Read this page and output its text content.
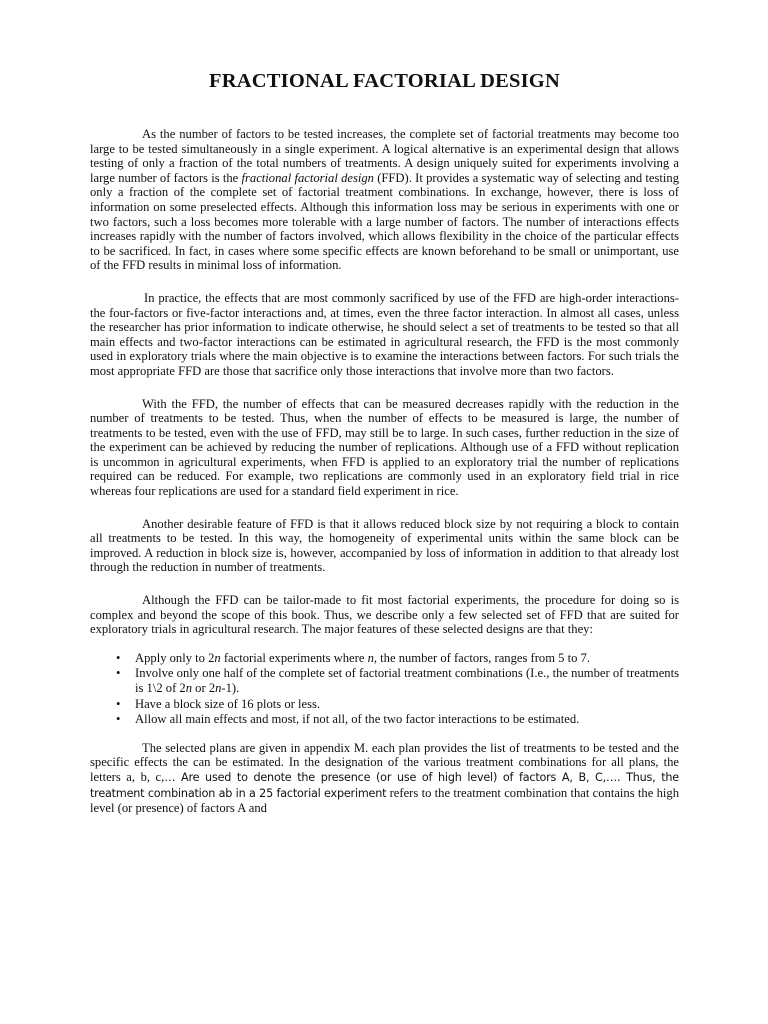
FRACTIONAL FACTORIAL DESIGN

As the number of factors to be tested increases, the complete set of factorial treatments may become too large to be tested simultaneously in a single experiment. A logical alternative is an experimental design that allows testing of only a fraction of the total numbers of treatments. A design uniquely suited for experiments involving a large number of factors is the fractional factorial design (FFD). It provides a systematic way of selecting and testing only a fraction of the complete set of factorial treatment combinations. In exchange, however, there is loss of information on some preselected effects. Although this information loss may be serious in experiments with one or two factors, such a loss becomes more tolerable with a large number of factors. The number of interactions effects increases rapidly with the number of factors involved, which allows flexibility in the choice of the particular effects to be sacrificed. In fact, in cases where some specific effects are known beforehand to be small or unimportant, use of the FFD results in minimal loss of information.

In practice, the effects that are most commonly sacrificed by use of the FFD are high-order interactions-the four-factors or five-factor interactions and, at times, even the three factor interaction. In almost all cases, unless the researcher has prior information to indicate otherwise, he should select a set of treatments to be tested so that all main effects and two-factor interactions can be estimated in agricultural research, the FFD is the most commonly used in exploratory trials where the main objective is to examine the interactions between factors. For such trials the most appropriate FFD are those that sacrifice only those interactions that involve more than two factors.

With the FFD, the number of effects that can be measured decreases rapidly with the reduction in the number of treatments to be tested. Thus, when the number of effects to be measured is large, the number of treatments to be tested, even with the use of FFD, may still be to large. In such cases, further reduction in the size of the experiment can be achieved by reducing the number of replications. Although use of a FFD without replication is uncommon in agricultural experiments, when FFD is applied to an exploratory trial the number of replications required can be reduced. For example, two replications are commonly used in an exploratory field trial in rice whereas four replications are used for a standard field experiment in rice.

Another desirable feature of FFD is that it allows reduced block size by not requiring a block to contain all treatments to be tested. In this way, the homogeneity of experimental units within the same block can be improved. A reduction in block size is, however, accompanied by loss of information in addition to that already lost through the reduction in number of treatments.

Although the FFD can be tailor-made to fit most factorial experiments, the procedure for doing so is complex and beyond the scope of this book. Thus, we describe only a few selected set of FFD that are suited for exploratory trials in agricultural research. The major features of these selected designs are that they:

• Apply only to 2n factorial experiments where n, the number of factors, ranges from 5 to 7.
• Involve only one half of the complete set of factorial treatment combinations (I.e., the number of treatments is 1\2 of 2n or 2n-1).
• Have a block size of 16 plots or less.
• Allow all main effects and most, if not all, of the two factor interactions to be estimated.

The selected plans are given in appendix M. each plan provides the list of treatments to be tested and the specific effects the can be estimated. In the designation of the various treatment combinations for all plans, the letters a, b, c,… Are used to denote the presence (or use of high level) of factors A, B, C,…. Thus, the treatment combination ab in a 25 factorial experiment refers to the treatment combination that contains the high level (or presence) of factors A and
